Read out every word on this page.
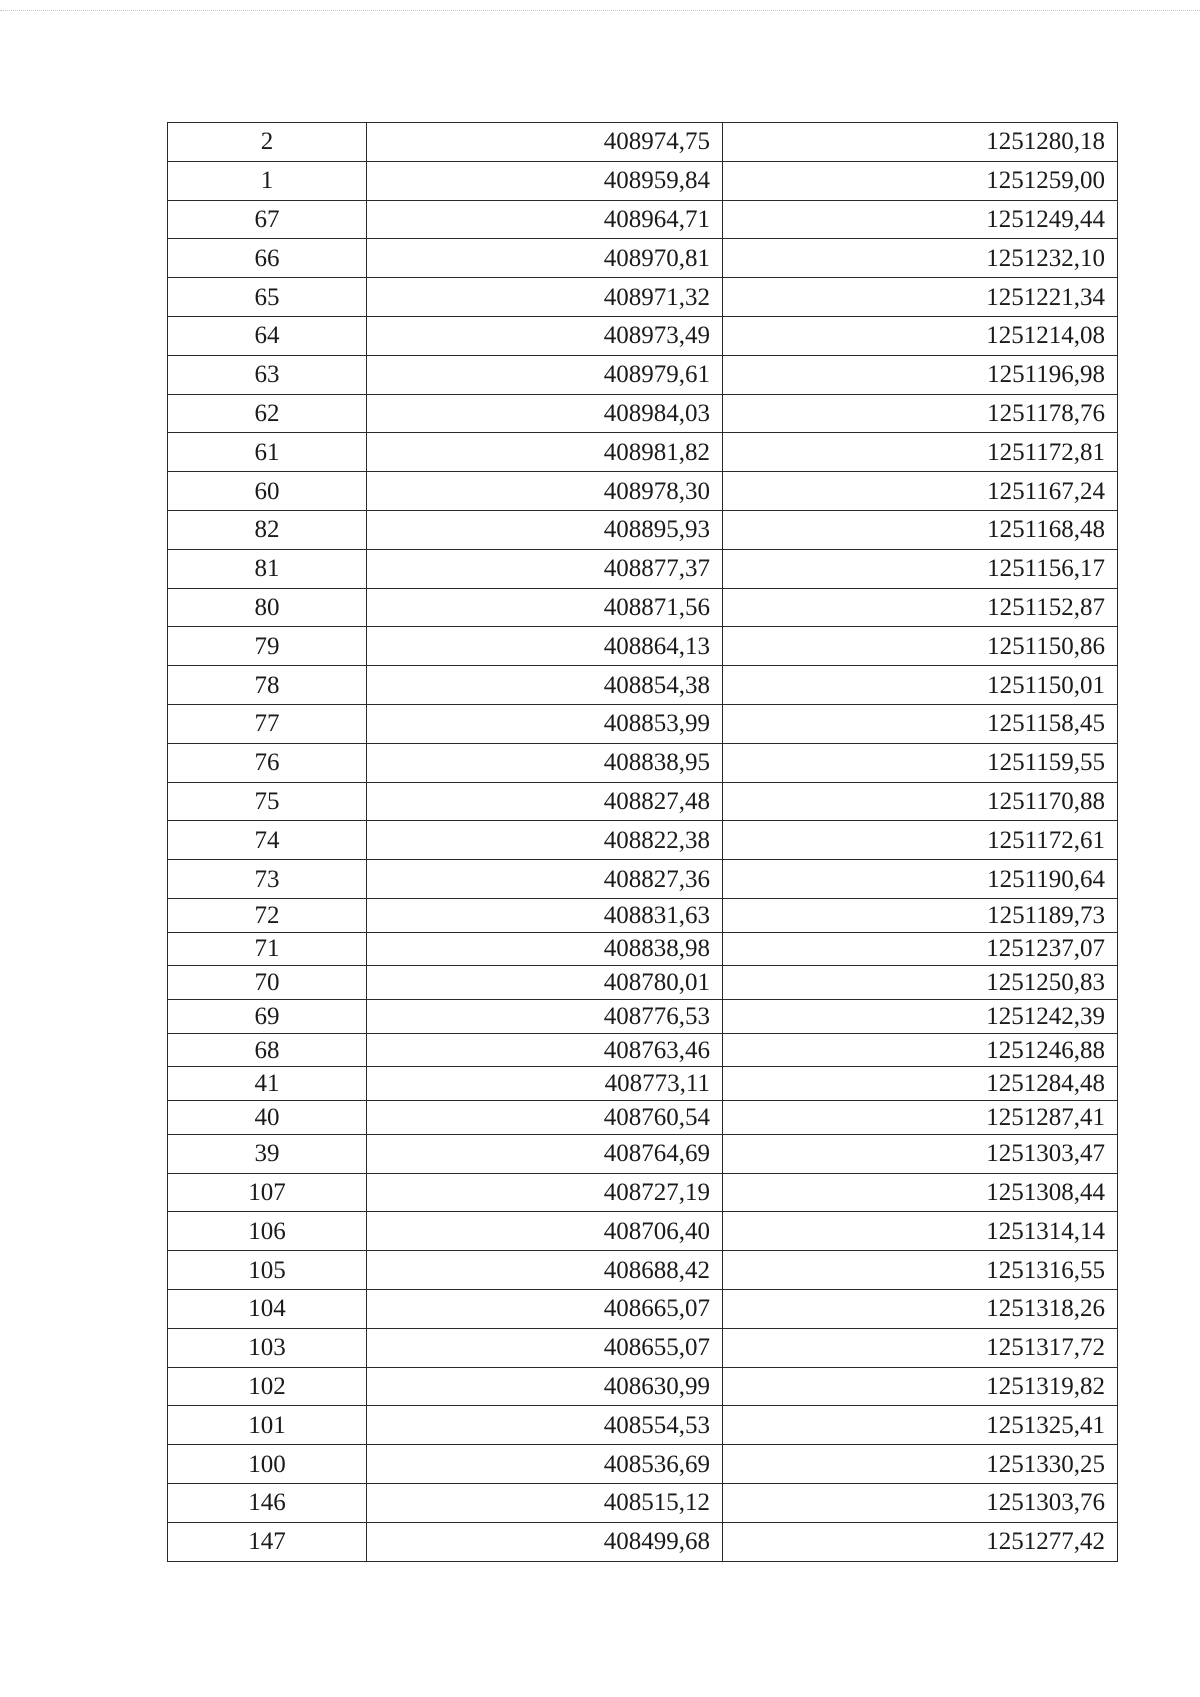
2	408974,75	1251280,18
1	408959,84	1251259,00
67	408964,71	1251249,44
66	408970,81	1251232,10
65	408971,32	1251221,34
64	408973,49	1251214,08
63	408979,61	1251196,98
62	408984,03	1251178,76
61	408981,82	1251172,81
60	408978,30	1251167,24
82	408895,93	1251168,48
81	408877,37	1251156,17
80	408871,56	1251152,87
79	408864,13	1251150,86
78	408854,38	1251150,01
77	408853,99	1251158,45
76	408838,95	1251159,55
75	408827,48	1251170,88
74	408822,38	1251172,61
73	408827,36	1251190,64
72	408831,63	1251189,73
71	408838,98	1251237,07
70	408780,01	1251250,83
69	408776,53	1251242,39
68	408763,46	1251246,88
41	408773,11	1251284,48
40	408760,54	1251287,41
39	408764,69	1251303,47
107	408727,19	1251308,44
106	408706,40	1251314,14
105	408688,42	1251316,55
104	408665,07	1251318,26
103	408655,07	1251317,72
102	408630,99	1251319,82
101	408554,53	1251325,41
100	408536,69	1251330,25
146	408515,12	1251303,76
147	408499,68	1251277,42
